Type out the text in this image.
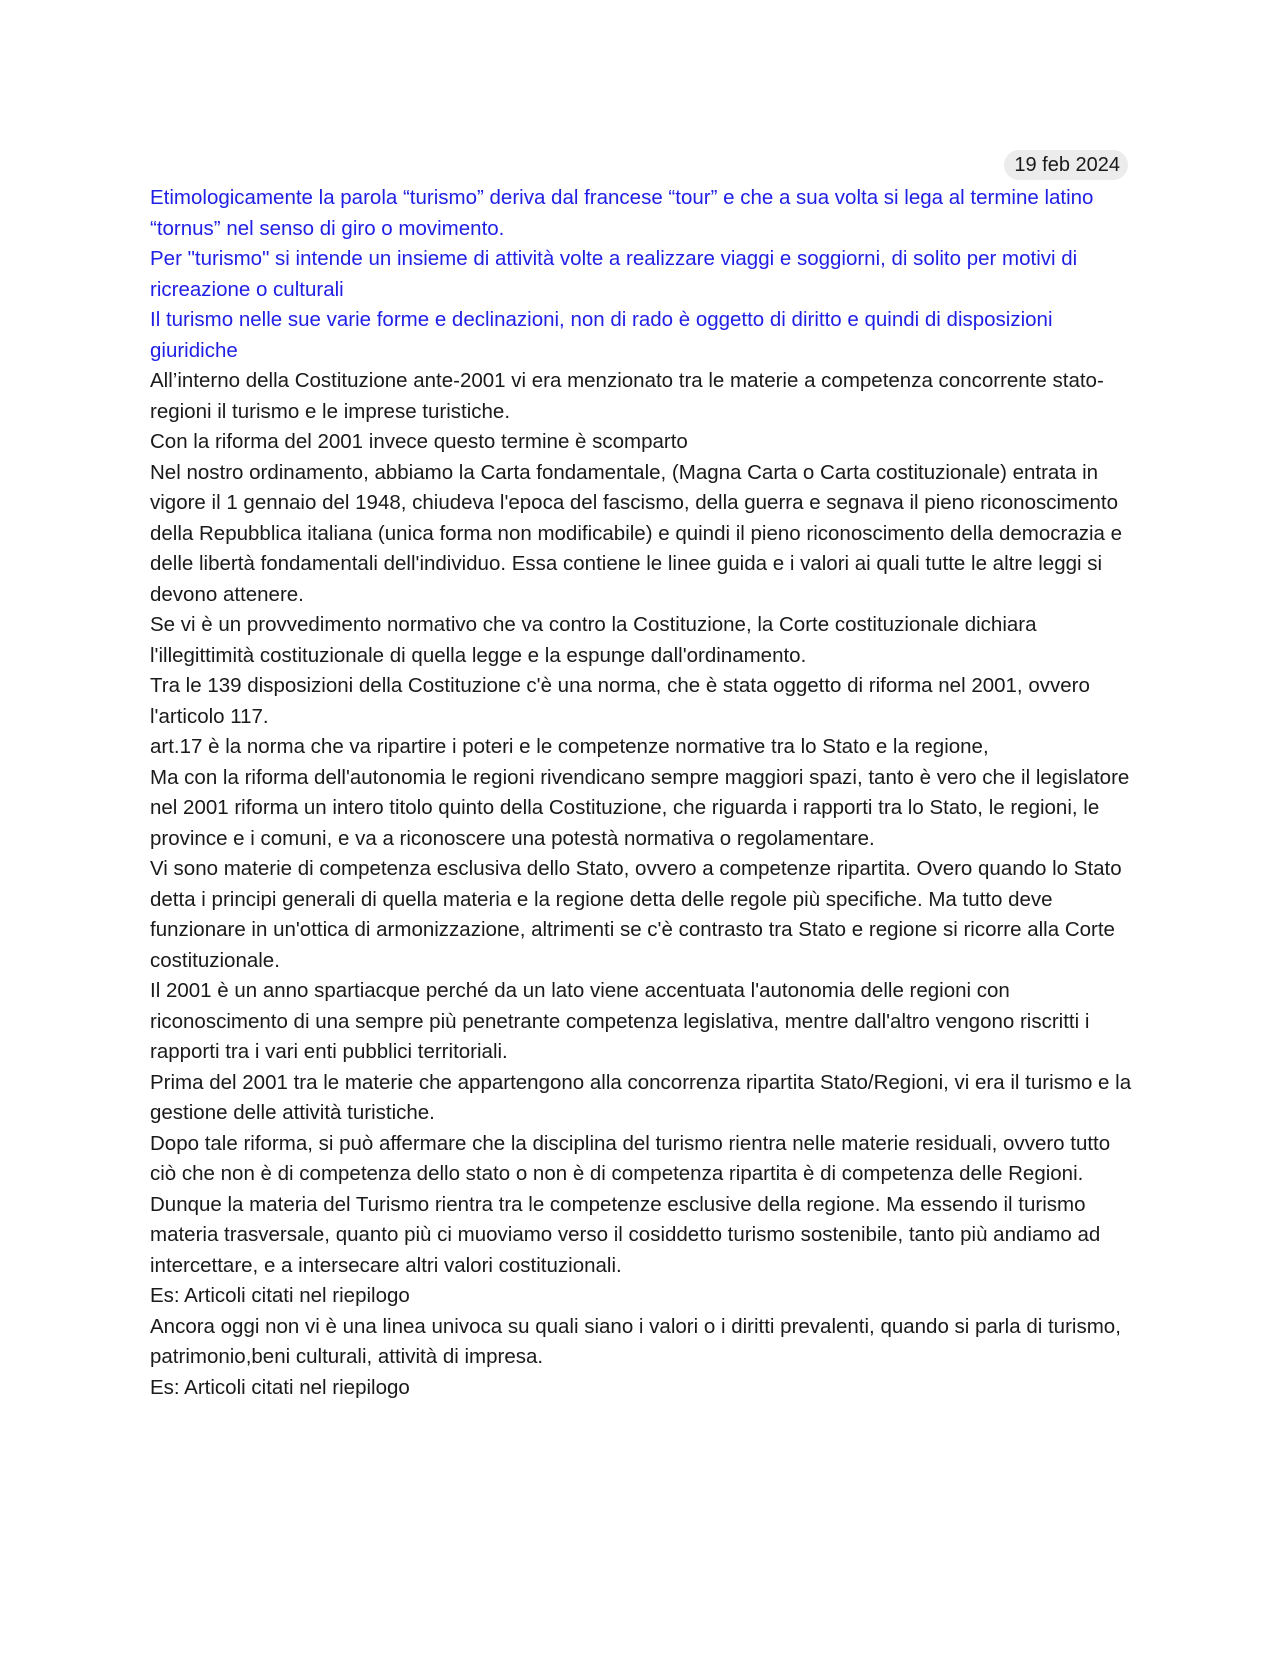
19 feb 2024

Etimologicamente la parola “turismo” deriva dal francese “tour” e che a sua volta si lega al termine latino “tornus” nel senso di giro o movimento.

Per "turismo" si intende un insieme di attività volte a realizzare viaggi e soggiorni, di solito per motivi di ricreazione o culturali

Il turismo nelle sue varie forme e declinazioni, non di rado è oggetto di diritto e quindi di disposizioni giuridiche

All’interno della Costituzione ante-2001 vi era menzionato tra le materie a competenza concorrente stato-regioni il turismo e le imprese turistiche.

Con la riforma del 2001 invece questo termine è scomparto

Nel nostro ordinamento, abbiamo la Carta fondamentale, (Magna Carta o Carta costituzionale) entrata in vigore il 1 gennaio del 1948, chiudeva l'epoca del fascismo, della guerra e segnava il pieno riconoscimento della Repubblica italiana (unica forma non modificabile) e quindi il pieno riconoscimento della democrazia e delle libertà fondamentali dell'individuo. Essa contiene le linee guida e i valori ai quali tutte le altre leggi si devono attenere.

Se vi è un provvedimento normativo che va contro la Costituzione, la Corte costituzionale dichiara l'illegittimità costituzionale di quella legge e la espunge dall'ordinamento.

Tra le 139 disposizioni della Costituzione c'è una norma, che è stata oggetto di riforma nel 2001, ovvero l'articolo 117.

art.17 è la norma che va ripartire i poteri e le competenze normative tra lo Stato e la regione,

Ma con la riforma dell'autonomia le regioni rivendicano sempre maggiori spazi, tanto è vero che il legislatore nel 2001 riforma un intero titolo quinto della Costituzione, che riguarda i rapporti tra lo Stato, le regioni, le province e i comuni, e va a riconoscere una potestà normativa o regolamentare.

Vi sono materie di competenza esclusiva dello Stato, ovvero a competenze ripartita. Overo quando lo Stato detta i principi generali di quella materia e la regione detta delle regole più specifiche. Ma tutto deve funzionare in un'ottica di armonizzazione, altrimenti se c'è contrasto tra Stato e regione si ricorre alla Corte costituzionale.

Il 2001 è un anno spartiacque perché da un lato viene accentuata l'autonomia delle regioni con riconoscimento di una sempre più penetrante competenza legislativa, mentre dall'altro vengono riscritti i rapporti tra i vari enti pubblici territoriali.

Prima del 2001 tra le materie che appartengono alla concorrenza ripartita Stato/Regioni, vi era il turismo e la gestione delle attività turistiche.

Dopo tale riforma, si può affermare che la disciplina del turismo rientra nelle materie residuali, ovvero tutto ciò che non è di competenza dello stato o non è di competenza ripartita è di competenza delle Regioni. Dunque la materia del Turismo rientra tra le competenze esclusive della regione. Ma essendo il turismo materia trasversale, quanto più ci muoviamo verso il cosiddetto turismo sostenibile, tanto più andiamo ad intercettare, e a intersecare altri valori costituzionali.

Es: Articoli citati nel riepilogo

Ancora oggi non vi è una linea univoca su quali siano i valori o i diritti prevalenti, quando si parla di turismo, patrimonio,beni culturali, attività di impresa.

Es: Articoli citati nel riepilogo
